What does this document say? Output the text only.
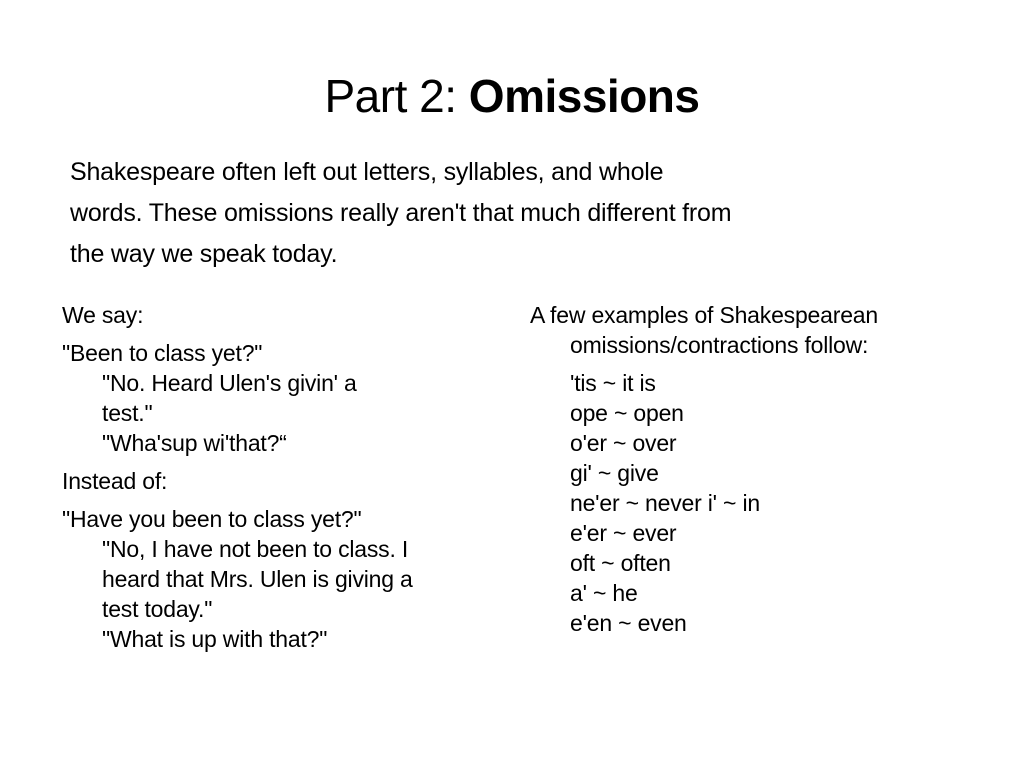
Part 2: Omissions
Shakespeare often left out letters, syllables, and whole
words. These omissions really aren't that much different from
the way we speak today.
We say:
"Been to class yet?"
"No. Heard Ulen's givin' a
test."
"Wha'sup wi'that?“
Instead of:
"Have you been to class yet?"
"No, I have not been to class. I
heard that Mrs. Ulen is giving a
test today."
"What is up with that?"
A few examples of Shakespearean
omissions/contractions follow:
'tis ~ it is
ope ~ open
o'er ~ over
gi' ~ give
ne'er ~ never i' ~ in
e'er ~ ever
oft ~ often
a' ~ he
e'en ~ even
